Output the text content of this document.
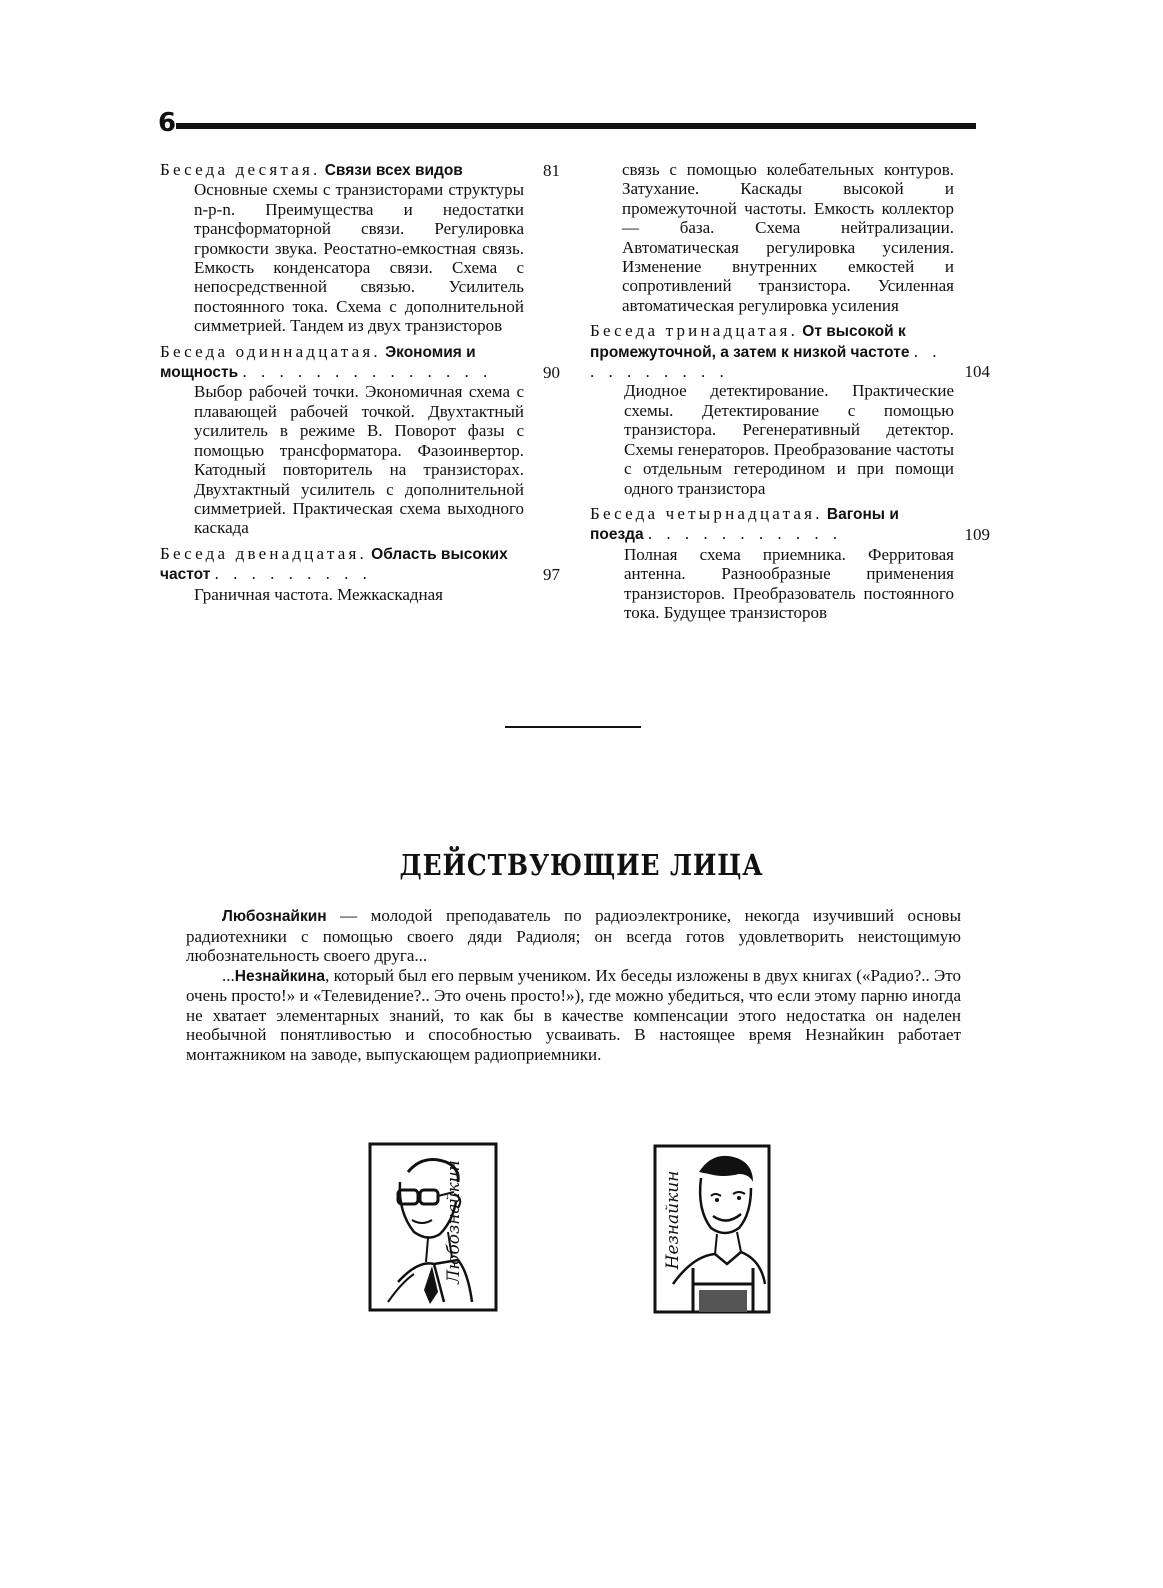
6
Беседа десятая. Связи всех видов	81
Основные схемы с транзисторами структуры n-p-n. Преимущества и недостатки трансформаторной связи. Регулировка громкости звука. Реостатно-емкостная связь. Емкость конденсатора связи. Схема с непосредственной связью. Усилитель постоянного тока. Схема с дополнительной симметрией. Тандем из двух транзисторов
Беседа одиннадцатая. Экономия и мощность . . . . . . . . . . . . . .	90
Выбор рабочей точки. Экономичная схема с плавающей рабочей точкой. Двухтактный усилитель в режиме В. Поворот фазы с помощью трансформатора. Фазоинвертор. Катодный повторитель на транзисторах. Двухтактный усилитель с дополнительной симметрией. Практическая схема выходного каскада
Беседа двенадцатая. Область высоких частот . . . . . . . . .	97
Граничная частота. Межкаскадная
связь с помощью колебательных контуров. Затухание. Каскады высокой и промежуточной частоты. Емкость коллектор — база. Схема нейтрализации. Автоматическая регулировка усиления. Изменение внутренних емкостей и сопротивлений транзистора. Усиленная автоматическая регулировка усиления
Беседа тринадцатая. От высокой к промежуточной, а затем к низкой частоте . . . . . . . . . .	104
Диодное детектирование. Практические схемы. Детектирование с помощью транзистора. Регенеративный детектор. Схемы генераторов. Преобразование частоты с отдельным гетеродином и при помощи одного транзистора
Беседа четырнадцатая. Вагоны и поезда . . . . . . . . . . .	109
Полная схема приемника. Ферритовая антенна. Разнообразные применения транзисторов. Преобразователь постоянного тока. Будущее транзисторов
ДЕЙСТВУЮЩИЕ ЛИЦА

Любознайкин — молодой преподаватель по радиоэлектронике, некогда изучивший основы радиотехники с помощью своего дяди Радиоля; он всегда готов удовлетворить неистощимую любознательность своего друга...

...Незнайкина, который был его первым учеником. Их беседы изложены в двух книгах («Радио?.. Это очень просто!» и «Телевидение?.. Это очень просто!»), где можно убедиться, что если этому парню иногда не хватает элементарных знаний, то как бы в качестве компенсации этого недостатка он наделен необычной понятливостью и способностью усваивать. В настоящее время Незнайкин работает монтажником на заводе, выпускающем радиоприемники.

Любознайкин	Незнайкин
